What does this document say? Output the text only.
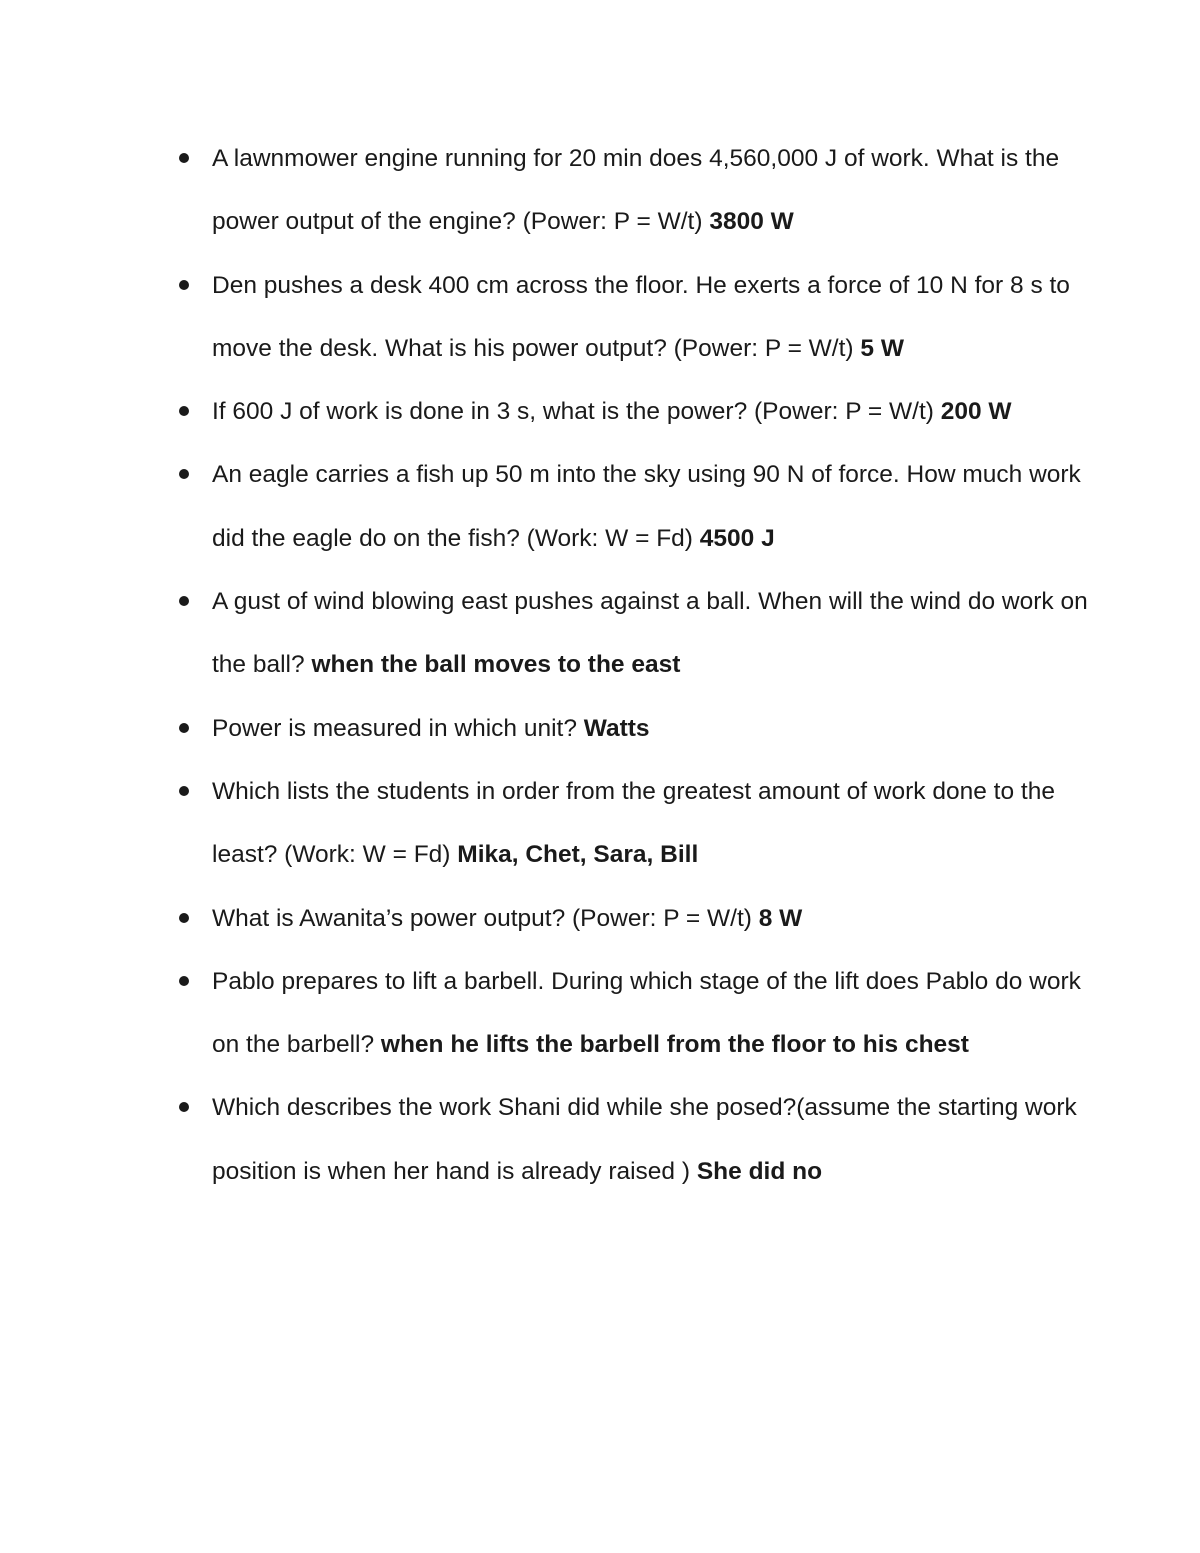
A lawnmower engine running for 20 min does 4,560,000 J of work. What is the power output of the engine? (Power: P = W/t) 3800 W
Den pushes a desk 400 cm across the floor. He exerts a force of 10 N for 8 s to move the desk. What is his power output? (Power: P = W/t) 5 W
If 600 J of work is done in 3 s, what is the power? (Power: P = W/t) 200 W
An eagle carries a fish up 50 m into the sky using 90 N of force. How much work did the eagle do on the fish? (Work: W = Fd) 4500 J
A gust of wind blowing east pushes against a ball. When will the wind do work on the ball? when the ball moves to the east
Power is measured in which unit? Watts
Which lists the students in order from the greatest amount of work done to the least? (Work: W = Fd) Mika, Chet, Sara, Bill
What is Awanita’s power output? (Power: P = W/t) 8 W
Pablo prepares to lift a barbell. During which stage of the lift does Pablo do work on the barbell? when he lifts the barbell from the floor to his chest
Which describes the work Shani did while she posed?(assume the starting work position is when her hand is already raised ) She did no
